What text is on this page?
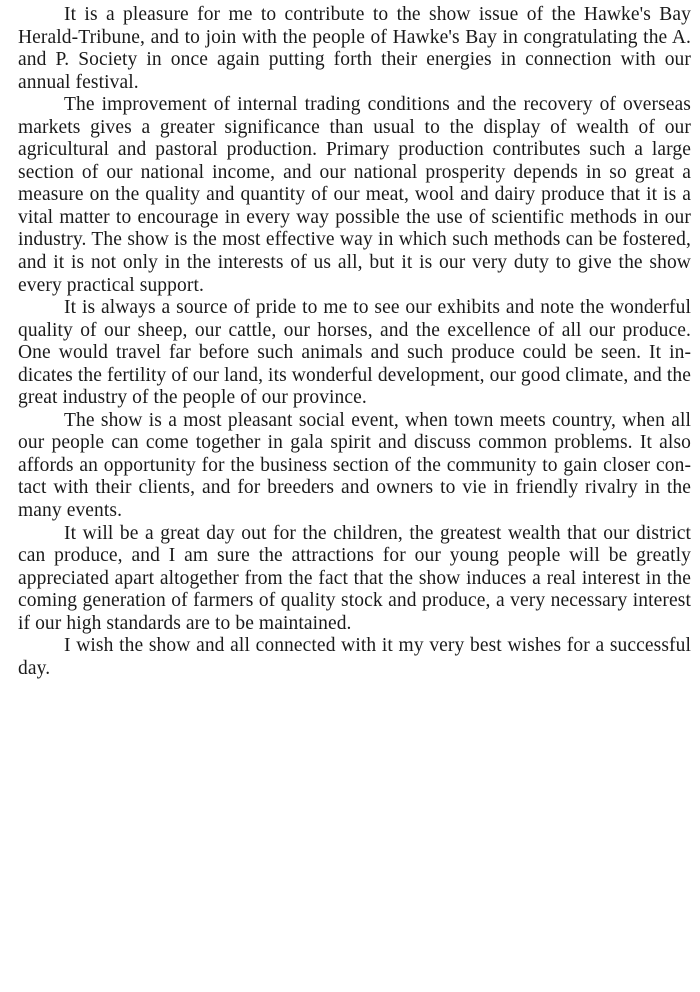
It is a pleasure for me to contribute to the show issue of the Hawke's Bay Herald-Tribune, and to join with the people of Hawke's Bay in congratulating the A. and P. Society in once again putting forth their energies in connection with our annual festival.

The improvement of internal trading conditions and the recovery of overseas markets gives a greater significance than usual to the display of wealth of our agricultural and pastoral production. Primary production contributes such a large section of our national income, and our national prosperity depends in so great a measure on the quality and quantity of our meat, wool and dairy produce that it is a vital matter to encourage in every way possible the use of scientific methods in our industry. The show is the most effective way in which such methods can be fostered, and it is not only in the interests of us all, but it is our very duty to give the show every practical support.

It is always a source of pride to me to see our exhibits and note the wonderful quality of our sheep, our cattle, our horses, and the excellence of all our produce. One would travel far before such animals and such produce could be seen. It indicates the fertility of our land, its wonderful development, our good climate, and the great industry of the people of our province.

The show is a most pleasant social event, when town meets country, when all our people can come together in gala spirit and discuss common problems. It also affords an opportunity for the business section of the community to gain closer contact with their clients, and for breeders and owners to vie in friendly rivalry in the many events.

It will be a great day out for the children, the greatest wealth that our district can produce, and I am sure the attractions for our young people will be greatly appreciated apart altogether from the fact that the show induces a real interest in the coming generation of farmers of quality stock and produce, a very necessary interest if our high standards are to be maintained.

I wish the show and all connected with it my very best wishes for a successful day.
